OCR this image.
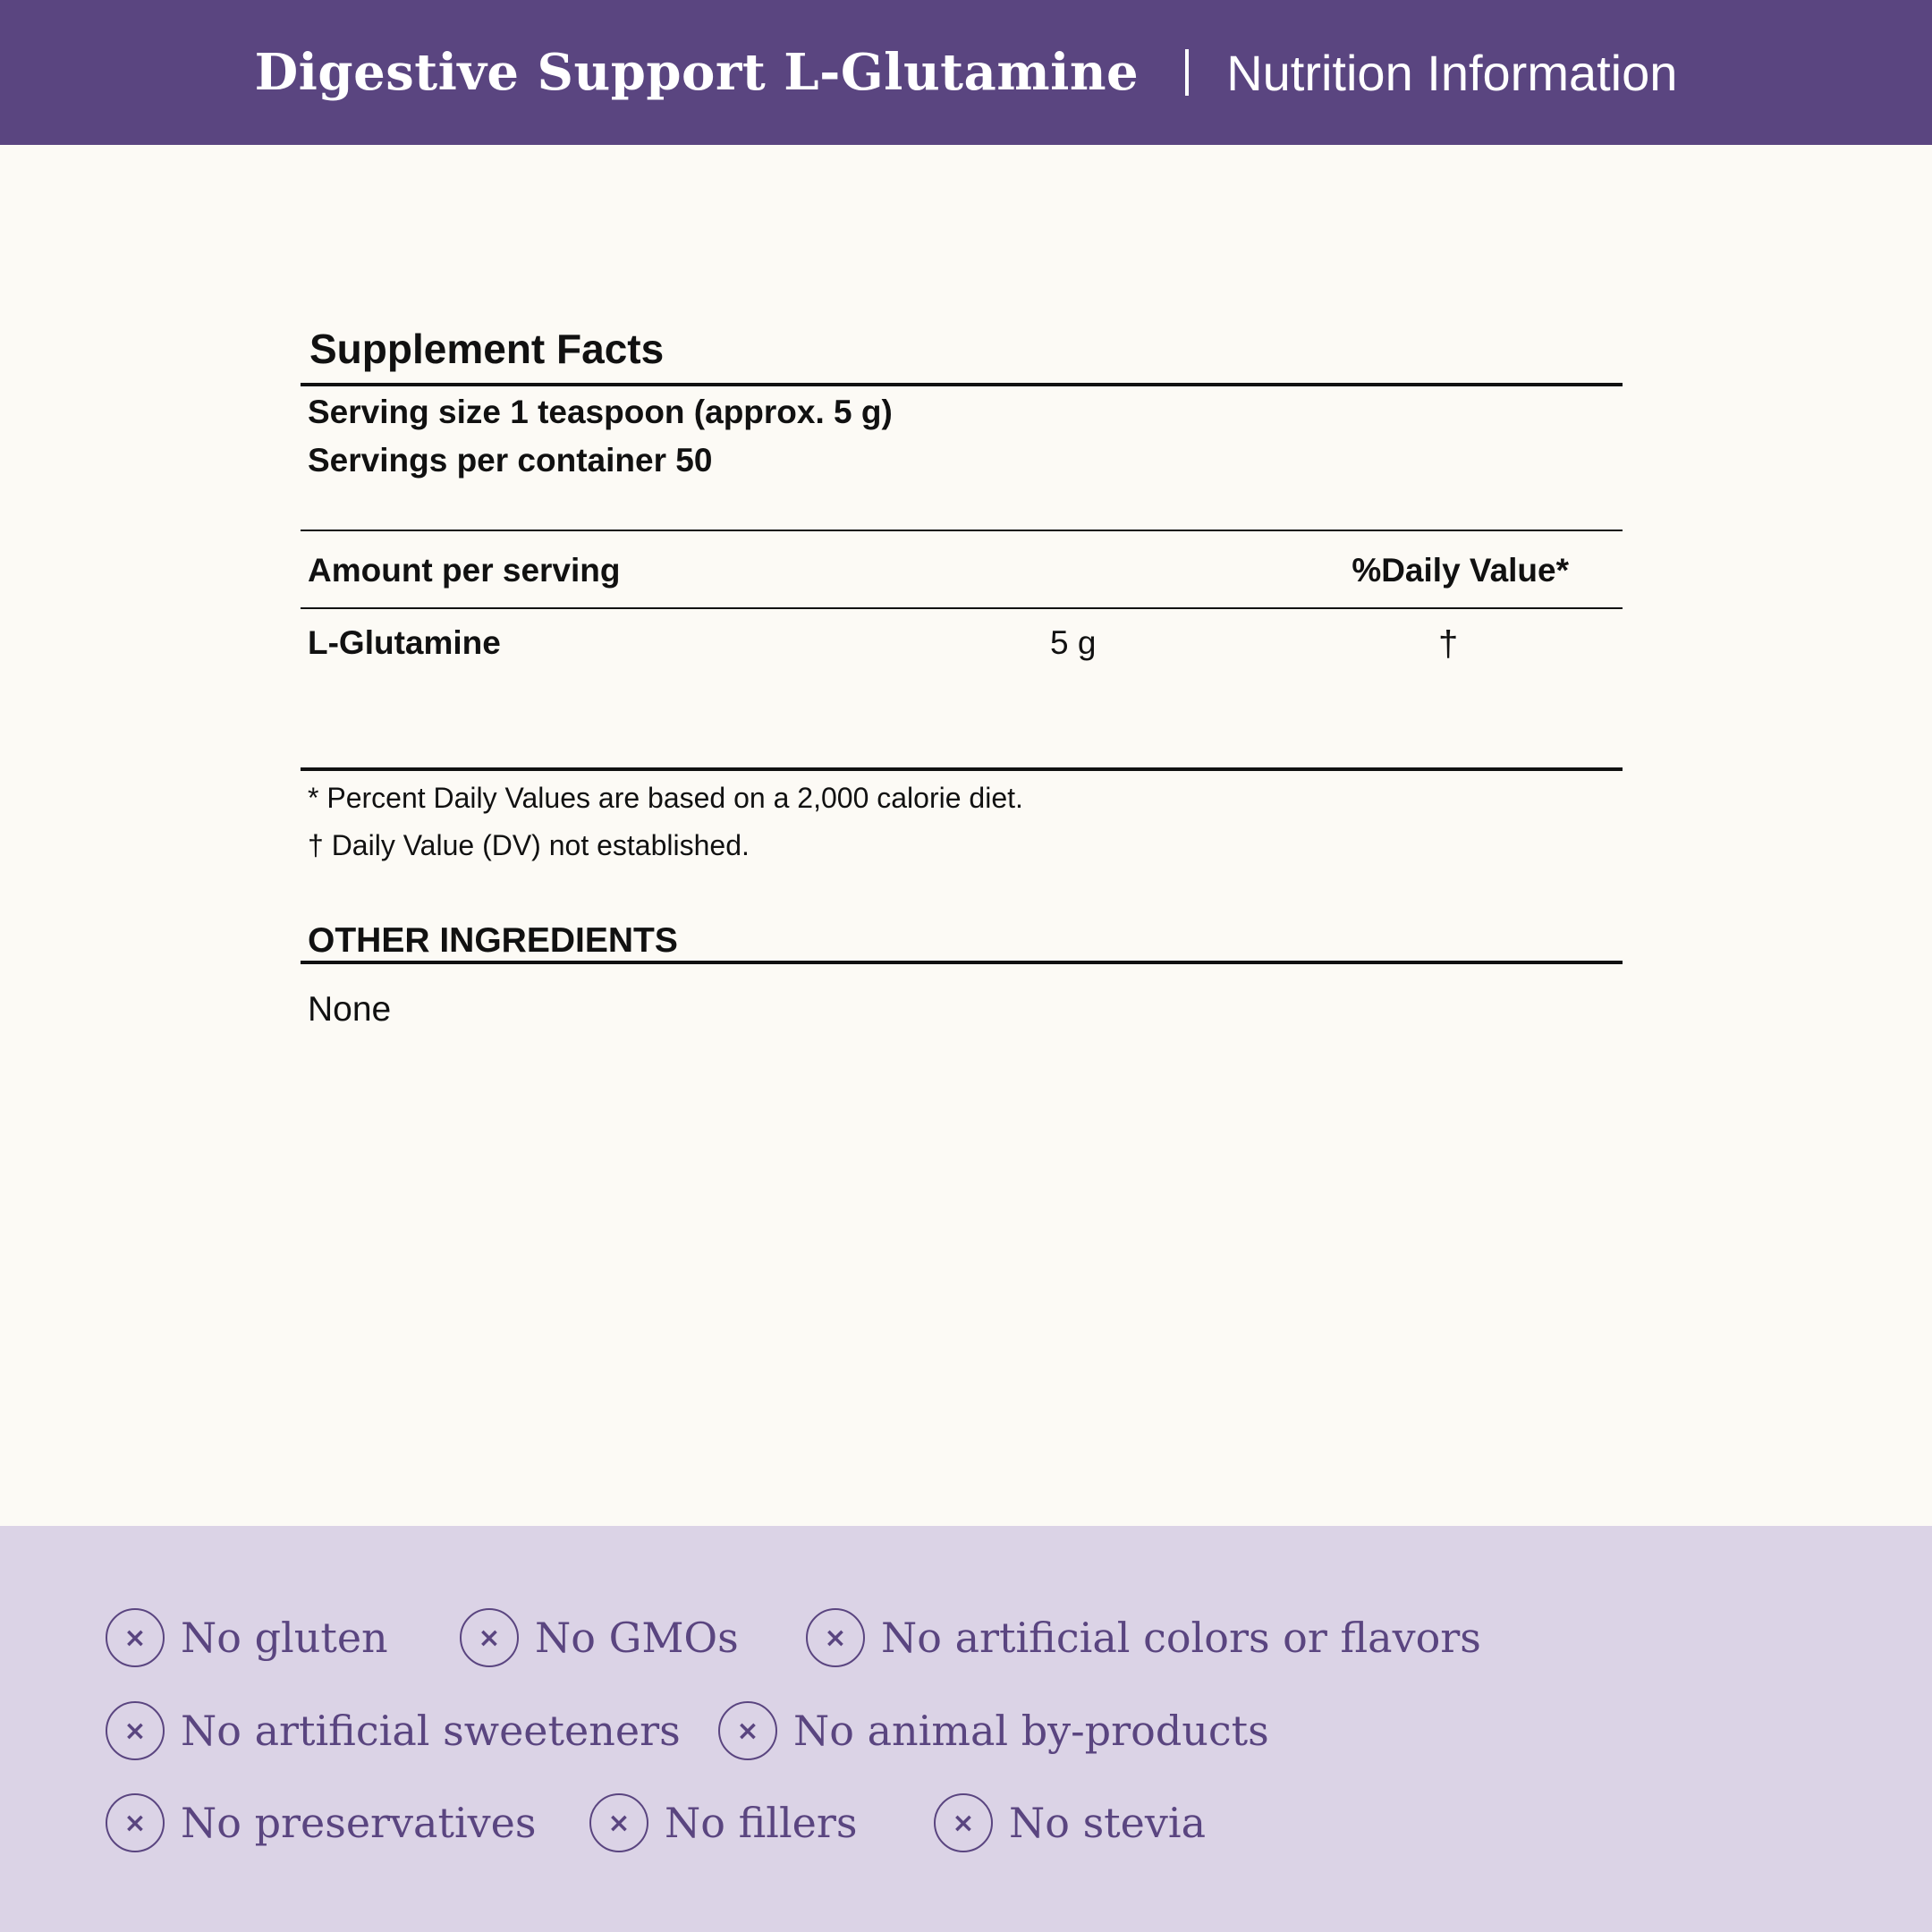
Digestive Support L-Glutamine Nutrition Information
Supplement Facts
Serving size 1 teaspoon (approx. 5 g)
Servings per container 50
Amount per serving	%Daily Value*
L-Glutamine	5 g	†
* Percent Daily Values are based on a 2,000 calorie diet.
† Daily Value (DV) not established.
OTHER INGREDIENTS
None
× No gluten	× No GMOs	× No artificial colors or flavors
× No artificial sweeteners	× No animal by-products
× No preservatives	× No fillers	× No stevia
